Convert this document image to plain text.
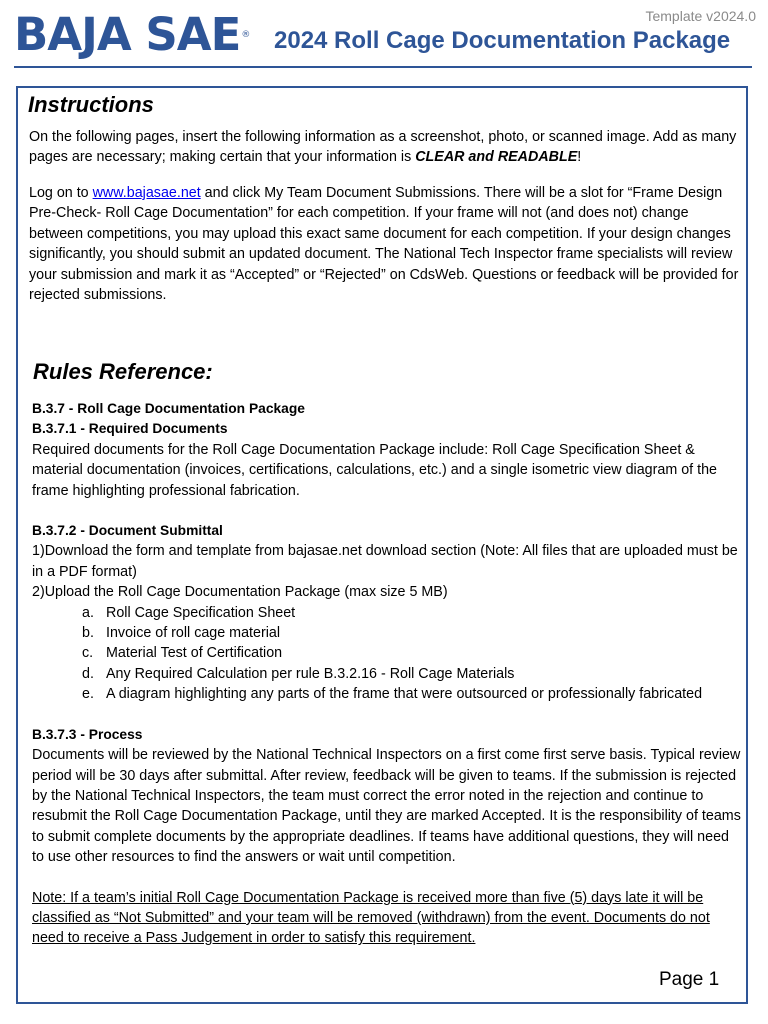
Template v2024.0
BAJA SAE® 2024 Roll Cage Documentation Package
Instructions
On the following pages, insert the following information as a screenshot, photo, or scanned image. Add as many pages are necessary; making certain that your information is CLEAR and READABLE!
Log on to www.bajasae.net and click My Team Document Submissions. There will be a slot for “Frame Design Pre-Check- Roll Cage Documentation” for each competition. If your frame will not (and does not) change between competitions, you may upload this exact same document for each competition. If your design changes significantly, you should submit an updated document. The National Tech Inspector frame specialists will review your submission and mark it as “Accepted” or “Rejected” on CdsWeb. Questions or feedback will be provided for rejected submissions.
Rules Reference:

B.3.7 - Roll Cage Documentation Package

B.3.7.1 - Required Documents

Required documents for the Roll Cage Documentation Package include: Roll Cage Specification Sheet & material documentation (invoices, certifications, calculations, etc.) and a single isometric view diagram of the frame highlighting professional fabrication.

B.3.7.2 - Document Submittal

1)Download the form and template from bajasae.net download section (Note: All files that are uploaded must be in a PDF format)

2)Upload the Roll Cage Documentation Package (max size 5 MB)

a. Roll Cage Specification Sheet
b. Invoice of roll cage material
c. Material Test of Certification
d. Any Required Calculation per rule B.3.2.16 - Roll Cage Materials
e. A diagram highlighting any parts of the frame that were outsourced or professionally fabricated

B.3.7.3 - Process

Documents will be reviewed by the National Technical Inspectors on a first come first serve basis. Typical review period will be 30 days after submittal. After review, feedback will be given to teams. If the submission is rejected by the National Technical Inspectors, the team must correct the error noted in the rejection and continue to resubmit the Roll Cage Documentation Package, until they are marked Accepted. It is the responsibility of teams to submit complete documents by the appropriate deadlines. If teams have additional questions, they will need to use other resources to find the answers or wait until competition.

Note: If a team’s initial Roll Cage Documentation Package is received more than five (5) days late it will be classified as “Not Submitted” and your team will be removed (withdrawn) from the event. Documents do not need to receive a Pass Judgement in order to satisfy this requirement.

Page 1
